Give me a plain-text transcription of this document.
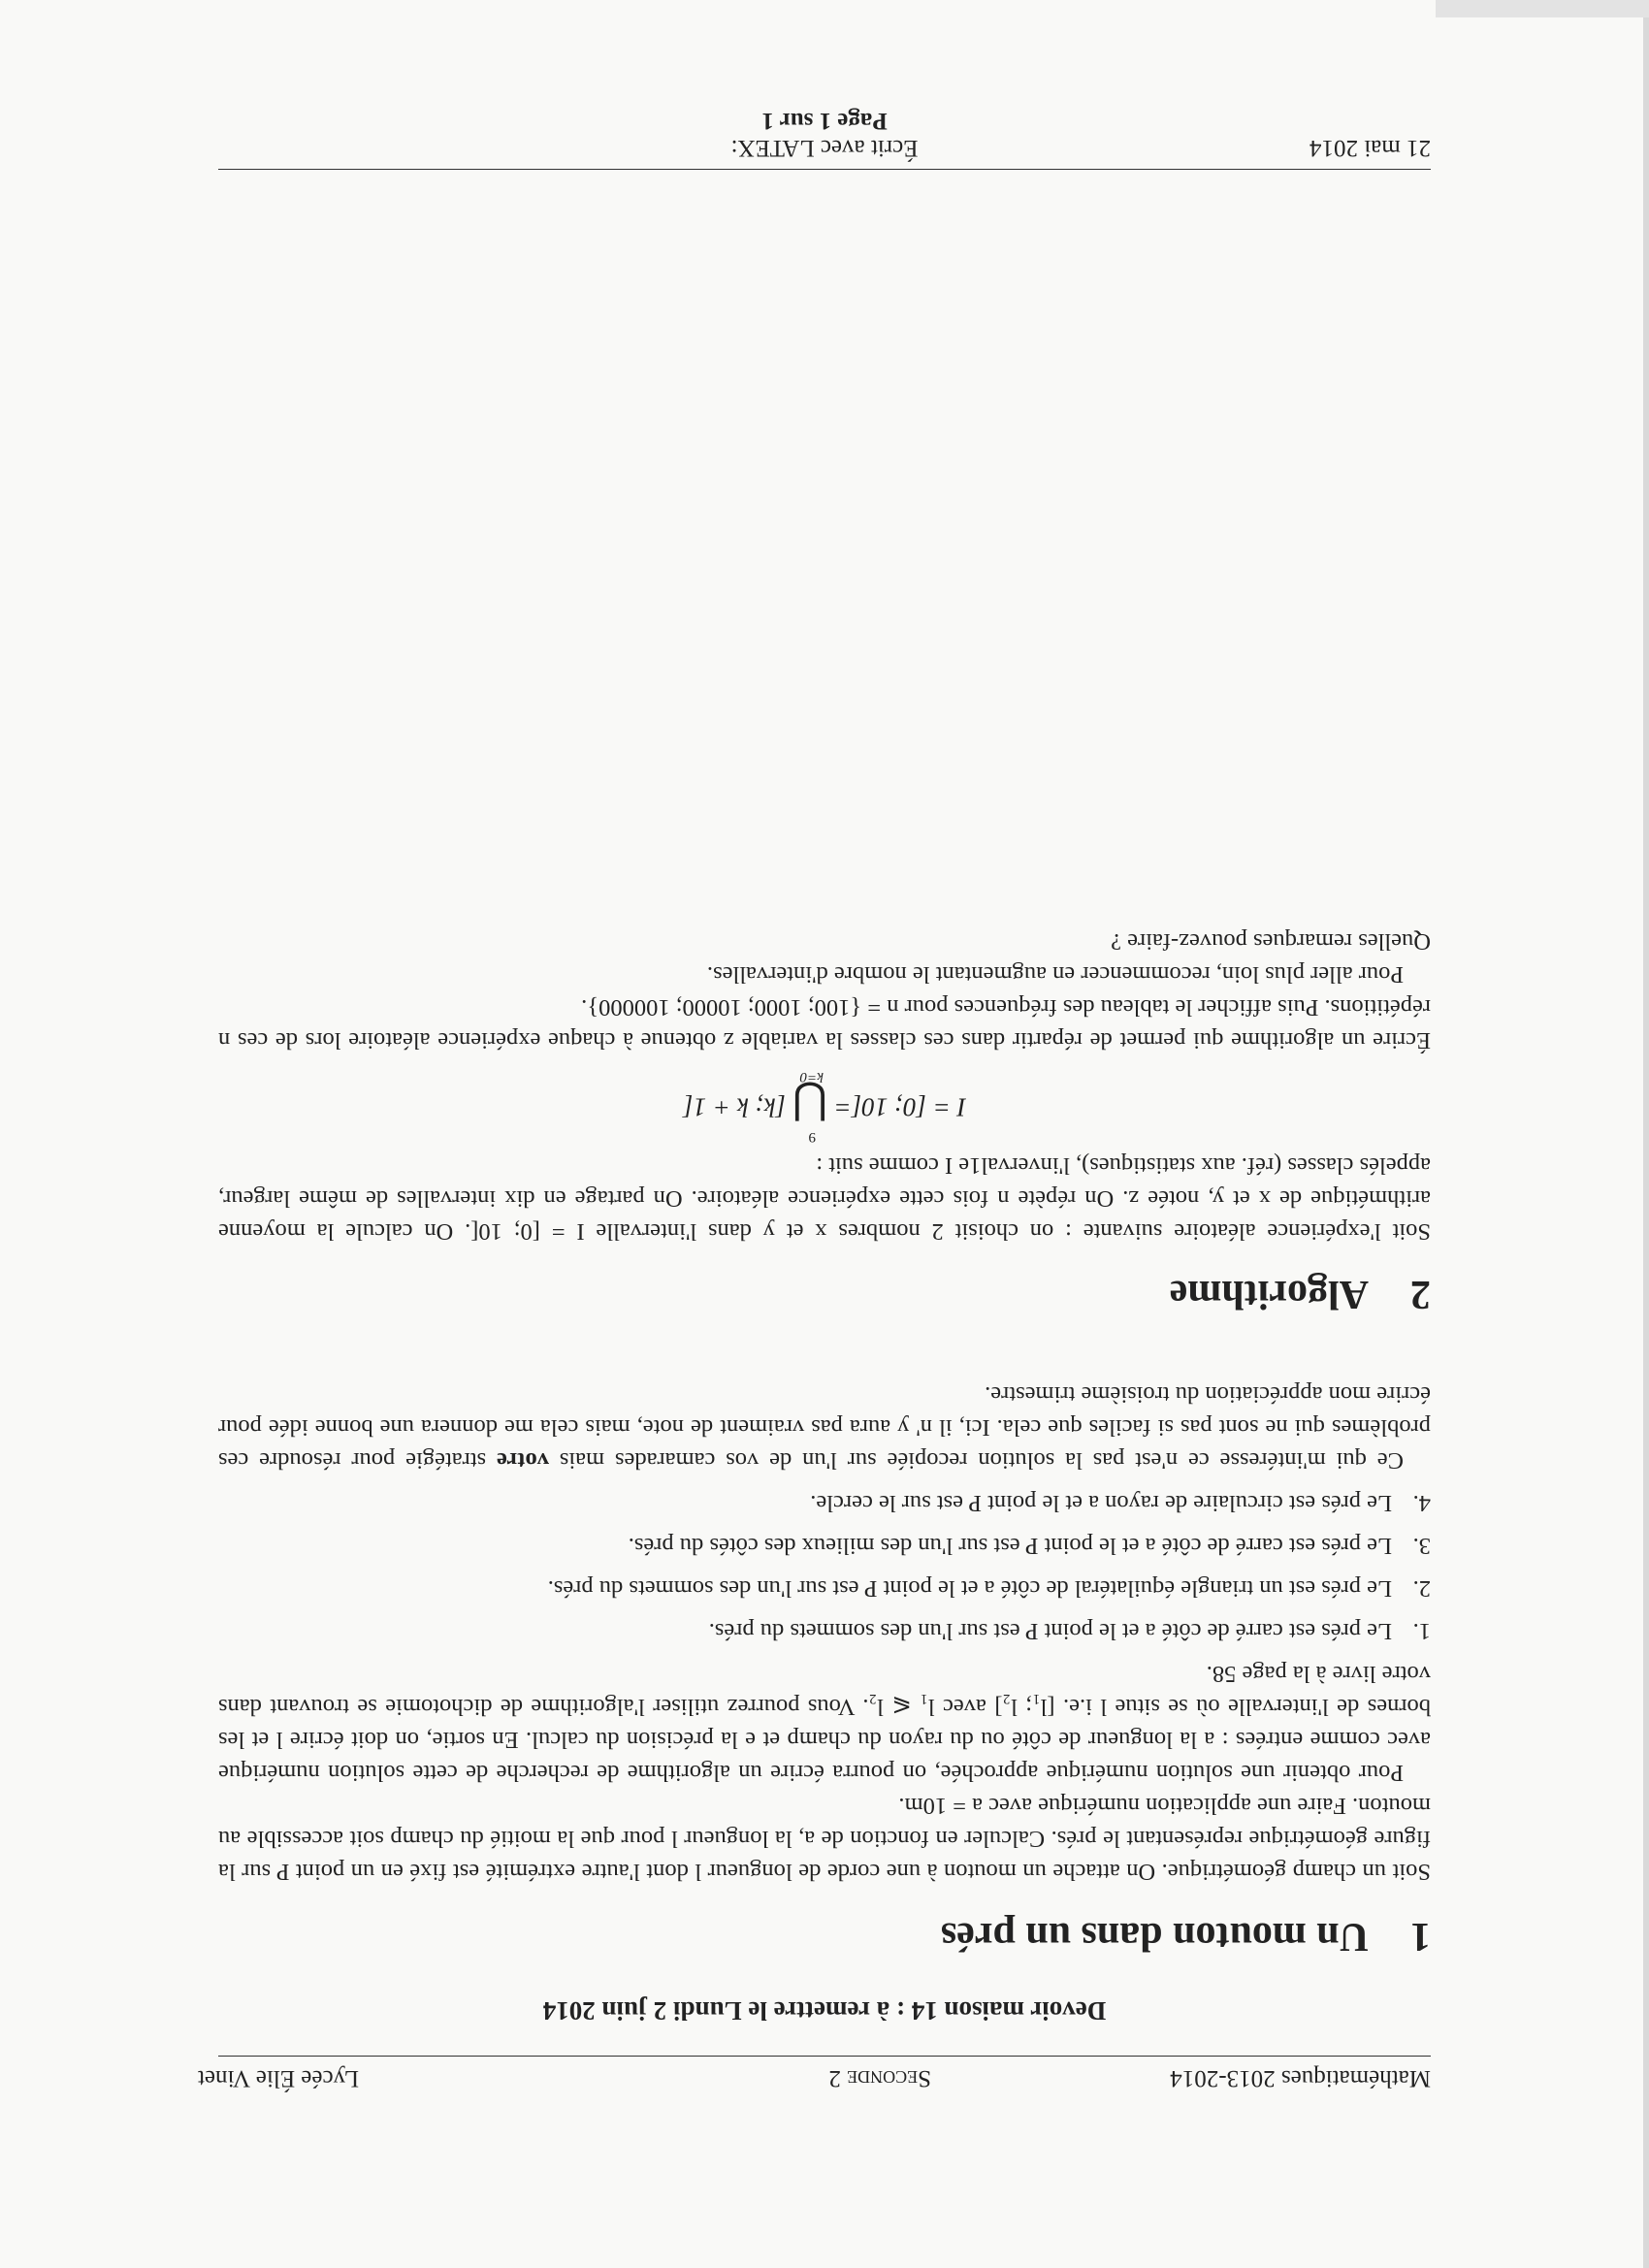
Mathématiques 2013-2014
Seconde 2
Lycée Élie Vinet
Devoir maison 14 : à remettre le Lundi 2 juin 2014
1Un mouton dans un prés

Soit un champ géométrique. On attache un mouton à une corde de longueur l dont l'autre extrémité est fixé en un point P sur la figure géométrique représentant le prés. Calculer en fonction de a, la longueur l pour que la moitié du champ soit accessible au mouton. Faire une application numérique avec a = 10m.

Pour obtenir une solution numérique approchée, on pourra écrire un algorithme de recherche de cette solution numérique avec comme entrées : a la longueur de côté ou du rayon du champ et e la précision du calcul. En sortie, on doit écrire l et les bornes de l'intervalle où se situe l i.e. [l₁; l₂] avec l₁ ⩽ l₂. Vous pourrez utiliser l'algorithme de dichotomie se trouvant dans votre livre à la page 58.

1.
Le prés est carré de côté a et le point P est sur l'un des sommets du prés.
2.
Le prés est un triangle équilatéral de côté a et le point P est sur l'un des sommets du prés.
3.
Le prés est carré de côté a et le point P est sur l'un des milieux des côtés du prés.
4.
Le prés est circulaire de rayon a et le point P est sur le cercle.

Ce qui m'intéresse ce n'est pas la solution recopiée sur l'un de vos camarades mais votre stratégie pour résoudre ces problèmes qui ne sont pas si faciles que cela. Ici, il n' y aura pas vraiment de note, mais cela me donnera une bonne idée pour écrire mon appréciation du troisième trimestre.

2Algorithme

Soit l'expérience aléatoire suivante : on choisit 2 nombres x et y dans l'intervalle I = [0; 10[. On calcule la moyenne arithmétique de x et y, notée z. On répète n fois cette expérience aléatoire. On partage en dix intervalles de même largeur, appelés classes (réf. aux statistiques), l'inverval1e I comme suit :

I = [0; 10[=
9
⋃
k=0
[k; k + 1[

Écrire un algorithme qui permet de répartir dans ces classes la variable z obtenue à chaque expérience aléatoire lors de ces n répétitions. Puis afficher le tableau des fréquences pour n = {100; 1000; 10000; 100000}.

Pour aller plus loin, recommencer en augmentant le nombre d'intervalles.

Quelles remarques pouvez-faire ?

21 mai 2014
Écrit avec LATEX:
Page 1 sur 1
